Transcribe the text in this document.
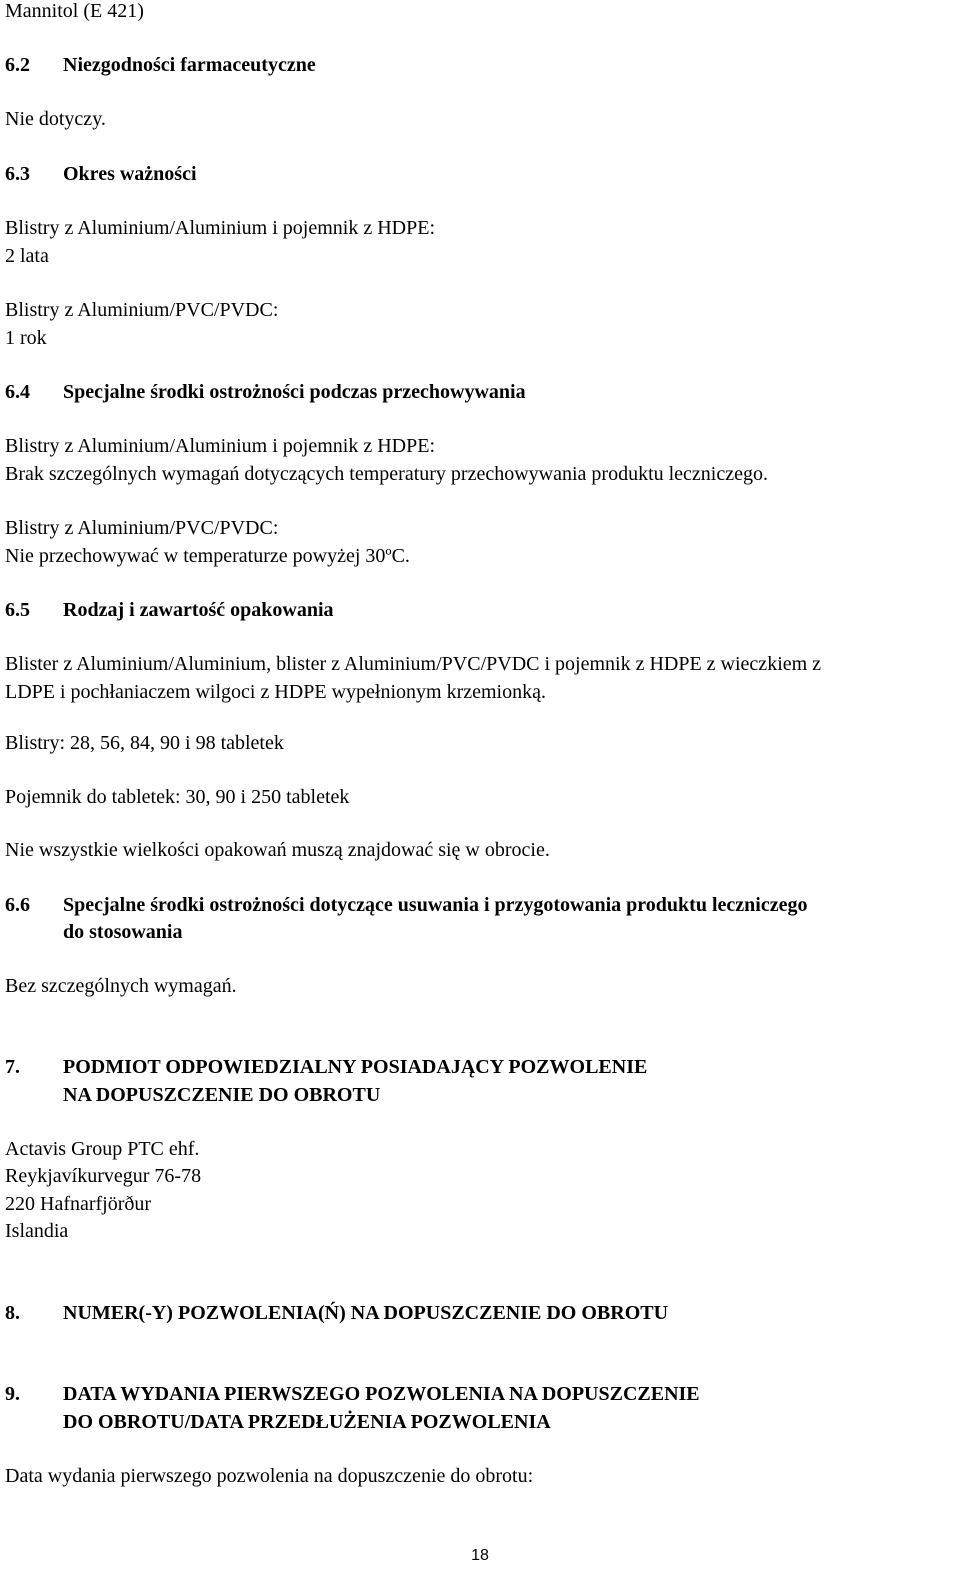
Mannitol (E 421)

6.2 Niezgodności farmaceutyczne

Nie dotyczy.

6.3 Okres ważności

Blistry z Aluminium/Aluminium i pojemnik z HDPE:

2 lata

Blistry z Aluminium/PVC/PVDC:

1 rok

6.4 Specjalne środki ostrożności podczas przechowywania

Blistry z Aluminium/Aluminium i pojemnik z HDPE:

Brak szczególnych wymagań dotyczących temperatury przechowywania produktu leczniczego.

Blistry z Aluminium/PVC/PVDC:

Nie przechowywać w temperaturze powyżej 30ºC.

6.5 Rodzaj i zawartość opakowania

Blister z Aluminium/Aluminium, blister z Aluminium/PVC/PVDC i pojemnik z HDPE z wieczkiem z

LDPE i pochłaniaczem wilgoci z HDPE wypełnionym krzemionką.

Blistry: 28, 56, 84, 90 i 98 tabletek

Pojemnik do tabletek: 30, 90 i 250 tabletek

Nie wszystkie wielkości opakowań muszą znajdować się w obrocie.

6.6 Specjalne środki ostrożności dotyczące usuwania i przygotowania produktu leczniczego

do stosowania

Bez szczególnych wymagań.

7. PODMIOT ODPOWIEDZIALNY POSIADAJĄCY POZWOLENIE

NA DOPUSZCZENIE DO OBROTU

Actavis Group PTC ehf.

Reykjavíkurvegur 76-78

220 Hafnarfjörður

Islandia

8. NUMER(-Y) POZWOLENIA(Ń) NA DOPUSZCZENIE DO OBROTU

9. DATA WYDANIA PIERWSZEGO POZWOLENIA NA DOPUSZCZENIE

DO OBROTU/DATA PRZEDŁUŻENIA POZWOLENIA

Data wydania pierwszego pozwolenia na dopuszczenie do obrotu:

18
